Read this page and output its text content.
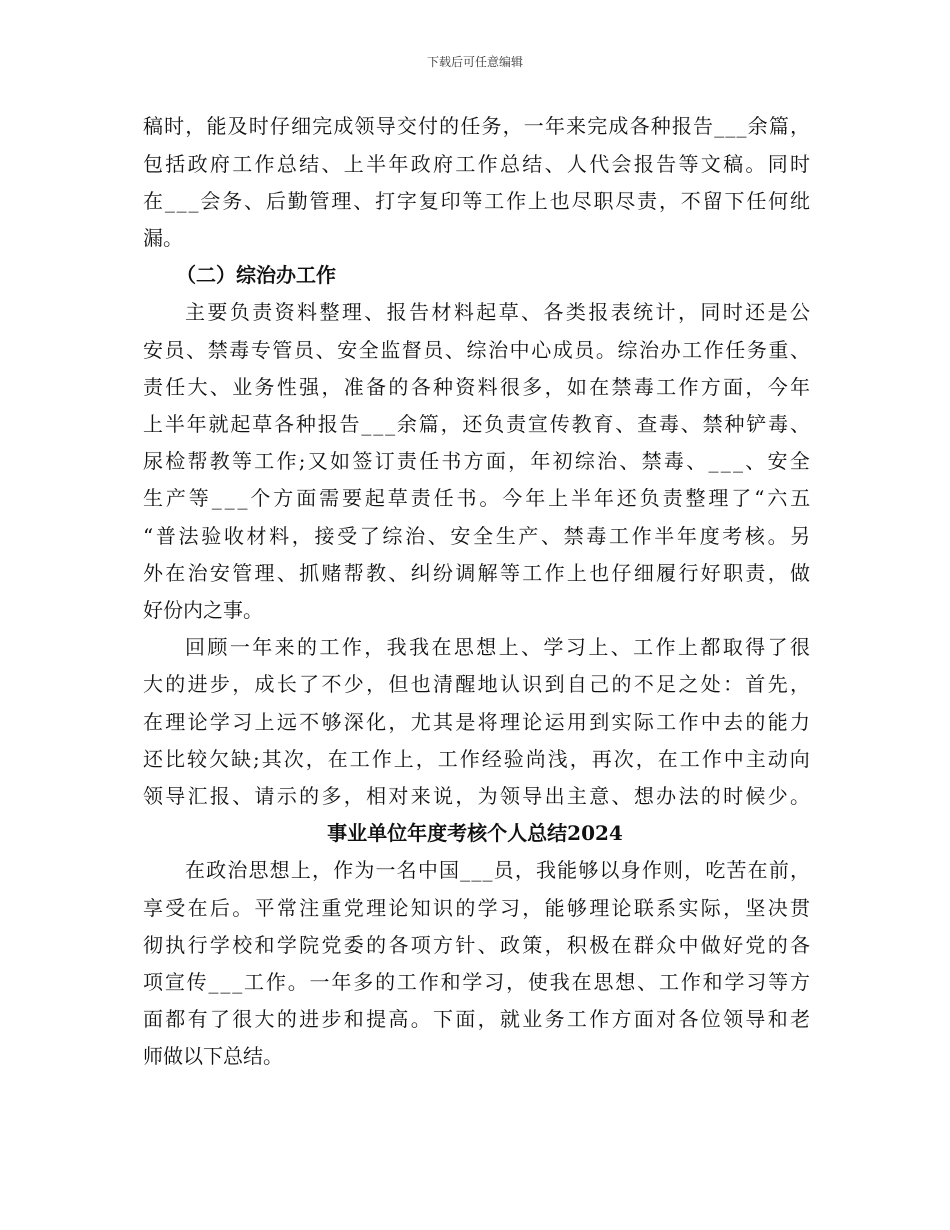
下载后可任意编辑
稿时，能及时仔细完成领导交付的任务，一年来完成各种报告___余篇，
包括政府工作总结、上半年政府工作总结、人代会报告等文稿。同时
在___会务、后勤管理、打字复印等工作上也尽职尽责，不留下任何纰
漏。
（二）综治办工作
主要负责资料整理、报告材料起草、各类报表统计，同时还是公
安员、禁毒专管员、安全监督员、综治中心成员。综治办工作任务重、
责任大、业务性强，准备的各种资料很多，如在禁毒工作方面，今年
上半年就起草各种报告___余篇，还负责宣传教育、查毒、禁种铲毒、
尿检帮教等工作;又如签订责任书方面，年初综治、禁毒、___、安全
生产等___个方面需要起草责任书。今年上半年还负责整理了“六五
“普法验收材料，接受了综治、安全生产、禁毒工作半年度考核。另
外在治安管理、抓赌帮教、纠纷调解等工作上也仔细履行好职责，做
好份内之事。
回顾一年来的工作，我我在思想上、学习上、工作上都取得了很
大的进步，成长了不少，但也清醒地认识到自己的不足之处：首先，
在理论学习上远不够深化，尤其是将理论运用到实际工作中去的能力
还比较欠缺;其次，在工作上，工作经验尚浅，再次，在工作中主动向
领导汇报、请示的多，相对来说，为领导出主意、想办法的时候少。
事业单位年度考核个人总结2024
在政治思想上，作为一名中国___员，我能够以身作则，吃苦在前，
享受在后。平常注重党理论知识的学习，能够理论联系实际，坚决贯
彻执行学校和学院党委的各项方针、政策，积极在群众中做好党的各
项宣传___工作。一年多的工作和学习，使我在思想、工作和学习等方
面都有了很大的进步和提高。下面，就业务工作方面对各位领导和老
师做以下总结。
